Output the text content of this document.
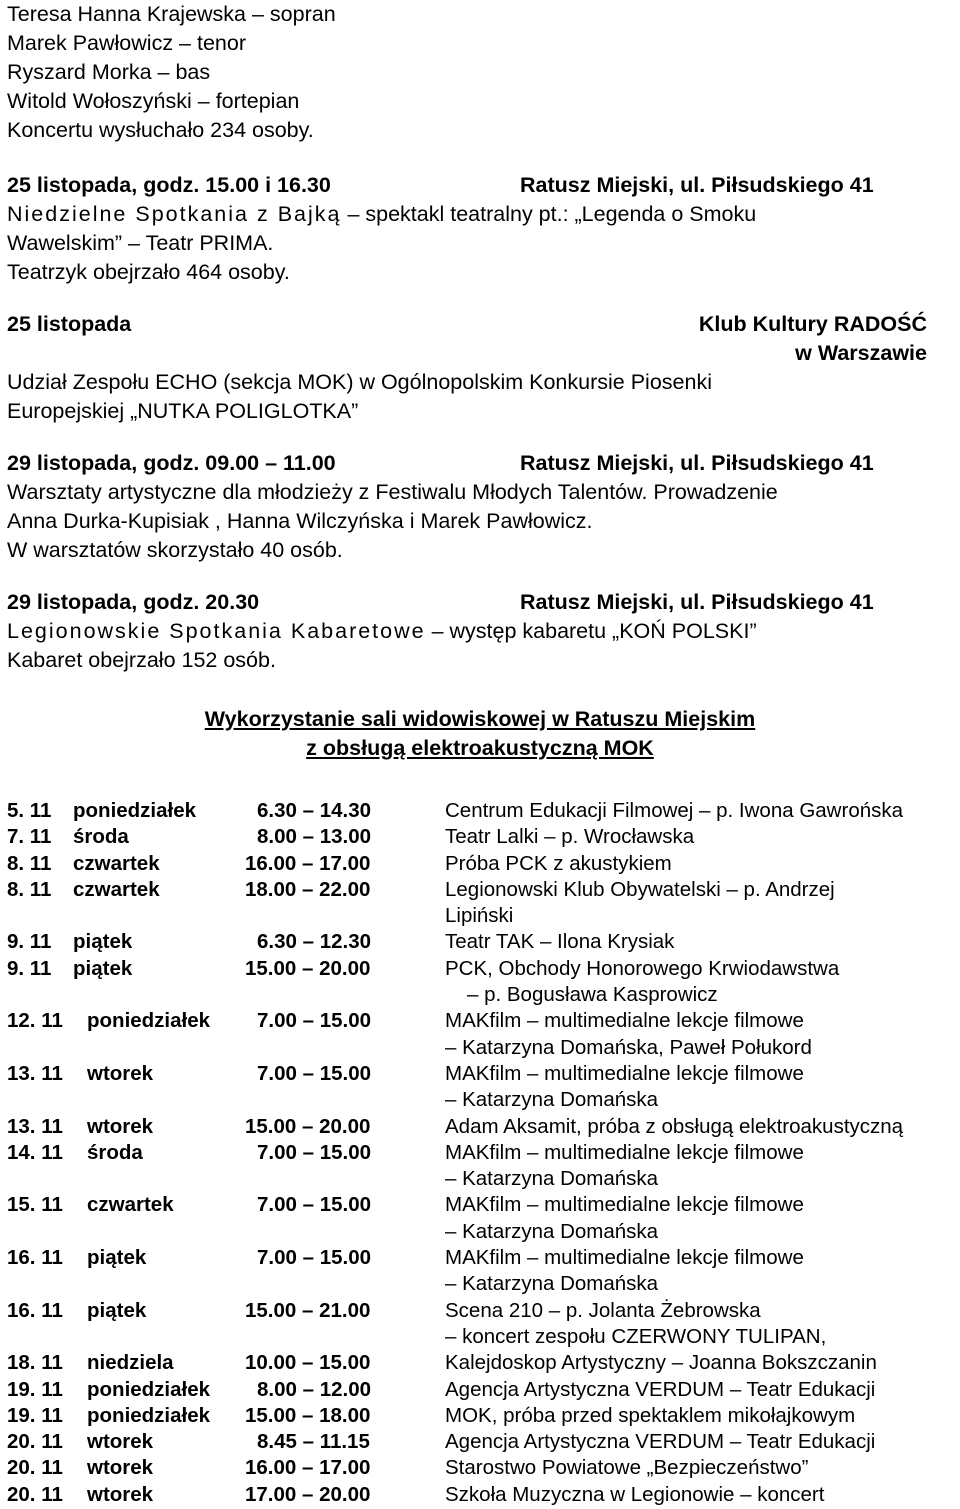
Teresa Hanna Krajewska – sopran
Marek Pawłowicz – tenor
Ryszard Morka – bas
Witold Wołoszyński – fortepian
Koncertu wysłuchało 234 osoby.
25 listopada, godz. 15.00 i 16.30	Ratusz Miejski, ul. Piłsudskiego 41
Niedzielne Spotkania z Bajką – spektakl teatralny pt.: „Legenda o Smoku
Wawelskim” – Teatr PRIMA.
Teatrzyk obejrzało 464 osoby.
25 listopada	Klub Kultury RADOŚĆ
w Warszawie
Udział Zespołu ECHO (sekcja MOK) w Ogólnopolskim Konkursie Piosenki
Europejskiej „NUTKA POLIGLOTKA”
29 listopada, godz. 09.00 – 11.00	Ratusz Miejski, ul. Piłsudskiego 41
Warsztaty artystyczne dla młodzieży z Festiwalu Młodych Talentów. Prowadzenie
Anna Durka-Kupisiak , Hanna Wilczyńska i Marek Pawłowicz.
W warsztatów skorzystało 40 osób.
29 listopada, godz. 20.30	Ratusz Miejski, ul. Piłsudskiego 41
Legionowskie Spotkania Kabaretowe – występ kabaretu „KOŃ POLSKI”
Kabaret obejrzało 152 osób.
Wykorzystanie sali widowiskowej w Ratuszu Miejskim
z obsługą elektroakustyczną MOK
5. 11 poniedziałek	6.30 – 14.30	Centrum Edukacji Filmowej – p. Iwona Gawrońska
7. 11 środa	8.00 – 13.00	Teatr Lalki – p. Wrocławska
8. 11 czwartek	16.00 – 17.00	Próba PCK z akustykiem
8. 11 czwartek	18.00 – 22.00	Legionowski Klub Obywatelski – p. Andrzej
Lipiński
9. 11 piątek	6.30 – 12.30	Teatr TAK – Ilona Krysiak
9. 11 piątek	15.00 – 20.00	PCK, Obchody Honorowego Krwiodawstwa
– p. Bogusława Kasprowicz
12. 11 poniedziałek 7.00 – 15.00	MAKfilm – multimedialne lekcje filmowe
– Katarzyna Domańska, Paweł Połukord
13. 11 wtorek	7.00 – 15.00	MAKfilm – multimedialne lekcje filmowe
– Katarzyna Domańska
13. 11 wtorek	15.00 – 20.00	Adam Aksamit, próba z obsługą elektroakustyczną
14. 11 środa	7.00 – 15.00	MAKfilm – multimedialne lekcje filmowe
– Katarzyna Domańska
15. 11 czwartek	7.00 – 15.00	MAKfilm – multimedialne lekcje filmowe
– Katarzyna Domańska
16. 11 piątek	7.00 – 15.00	MAKfilm – multimedialne lekcje filmowe
– Katarzyna Domańska
16. 11 piątek	15.00 – 21.00	Scena 210 – p. Jolanta Żebrowska
– koncert zespołu CZERWONY TULIPAN,
18. 11 niedziela	10.00 – 15.00	Kalejdoskop Artystyczny – Joanna Bokszczanin
19. 11 poniedziałek 8.00 – 12.00	Agencja Artystyczna VERDUM – Teatr Edukacji
19. 11 poniedziałek 15.00 – 18.00	MOK, próba przed spektaklem mikołajkowym
20. 11 wtorek	8.45 – 11.15	Agencja Artystyczna VERDUM – Teatr Edukacji
20. 11 wtorek	16.00 – 17.00	Starostwo Powiatowe „Bezpieczeństwo”
20. 11 wtorek	17.00 – 20.00	Szkoła Muzyczna w Legionowie – koncert
